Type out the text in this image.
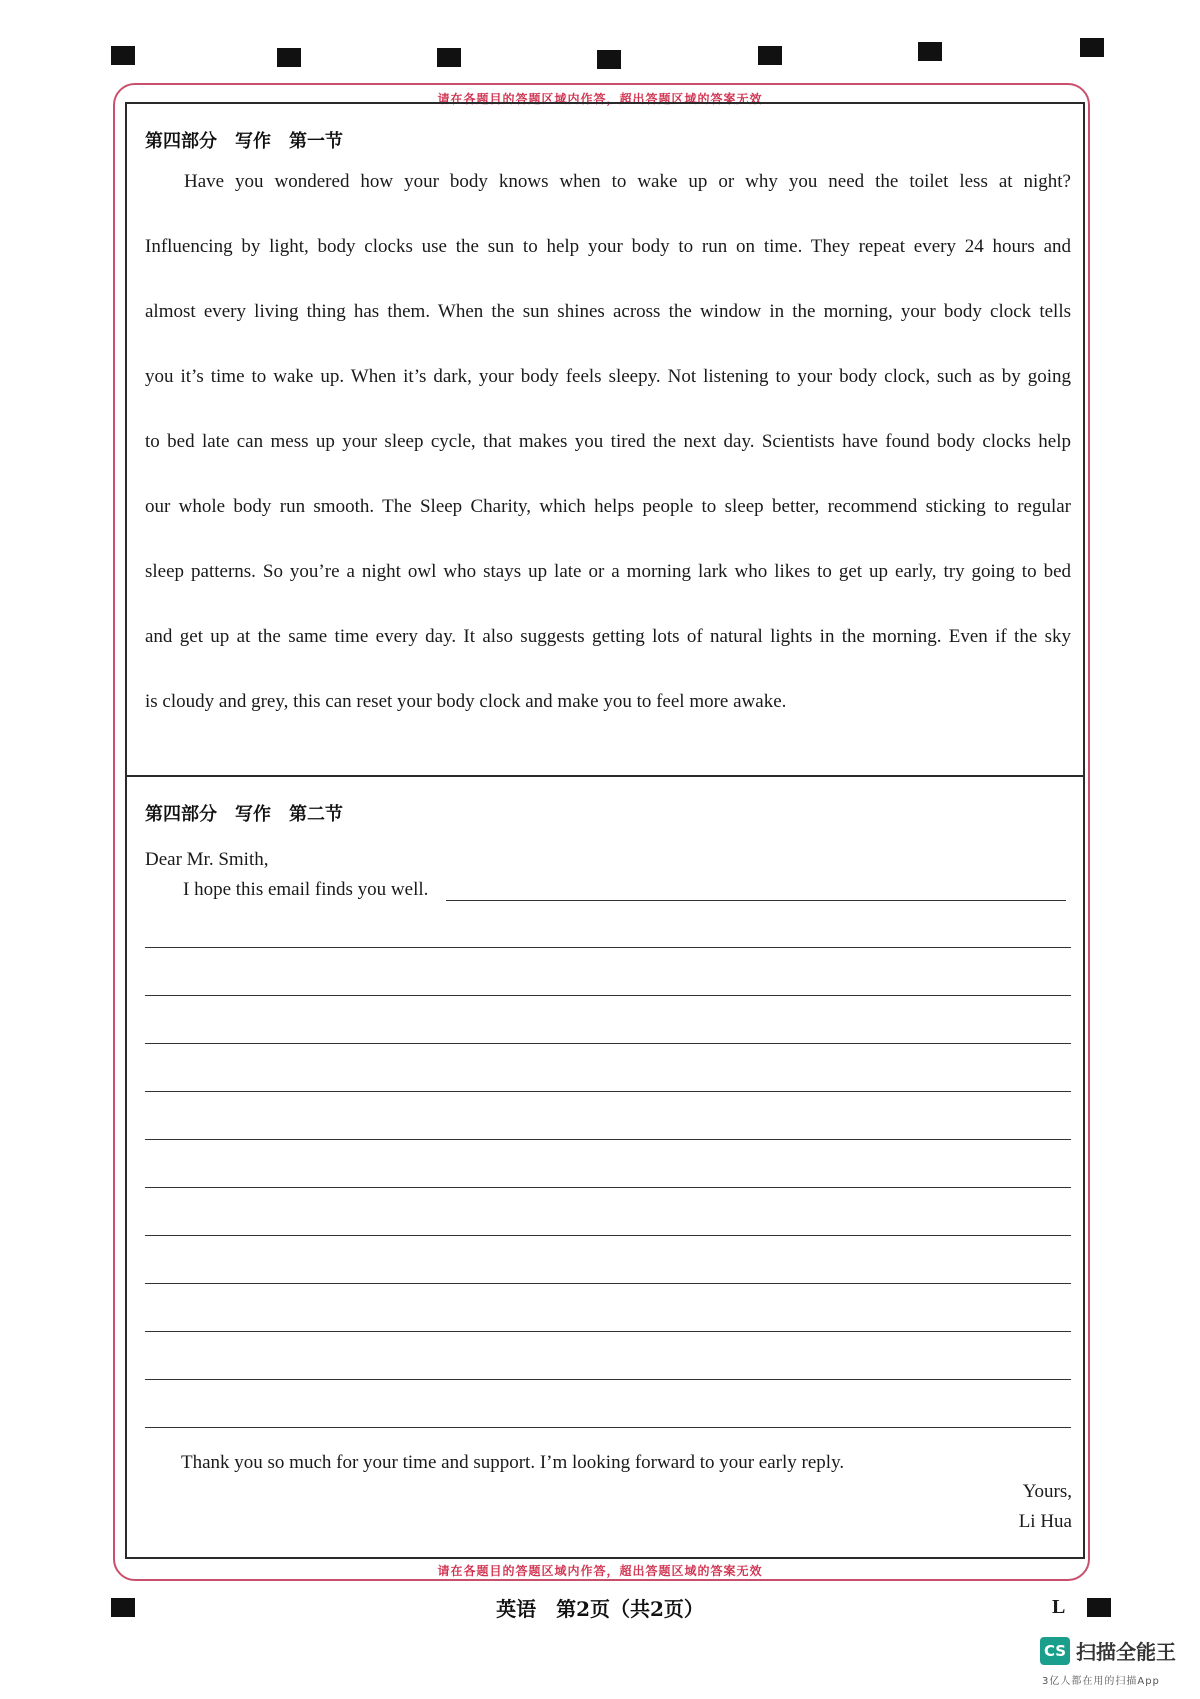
请在各题目的答题区域内作答，超出答题区域的答案无效
请在各题目的答题区域内作答，超出答题区域的答案无效
第四部分　写作　第一节
Have you wondered how your body knows when to wake up or why you need the toilet less at night?
Influencing by light, body clocks use the sun to help your body to run on time. They repeat every 24 hours and
almost every living thing has them. When the sun shines across the window in the morning, your body clock tells
you it’s time to wake up. When it’s dark, your body feels sleepy. Not listening to your body clock, such as by going
to bed late can mess up your sleep cycle, that makes you tired the next day. Scientists have found body clocks help
our whole body run smooth. The Sleep Charity, which helps people to sleep better, recommend sticking to regular
sleep patterns. So you’re a night owl who stays up late or a morning lark who likes to get up early, try going to bed
and get up at the same time every day. It also suggests getting lots of natural lights in the morning. Even if the sky
is cloudy and grey, this can reset your body clock and make you to feel more awake.
第四部分　写作　第二节
Dear Mr. Smith,
I hope this email finds you well.
Thank you so much for your time and support. I’m looking forward to your early reply.
Yours,
Li Hua
英语　第2页（共2页）	L
CS 扫描全能王
3亿人都在用的扫描App
